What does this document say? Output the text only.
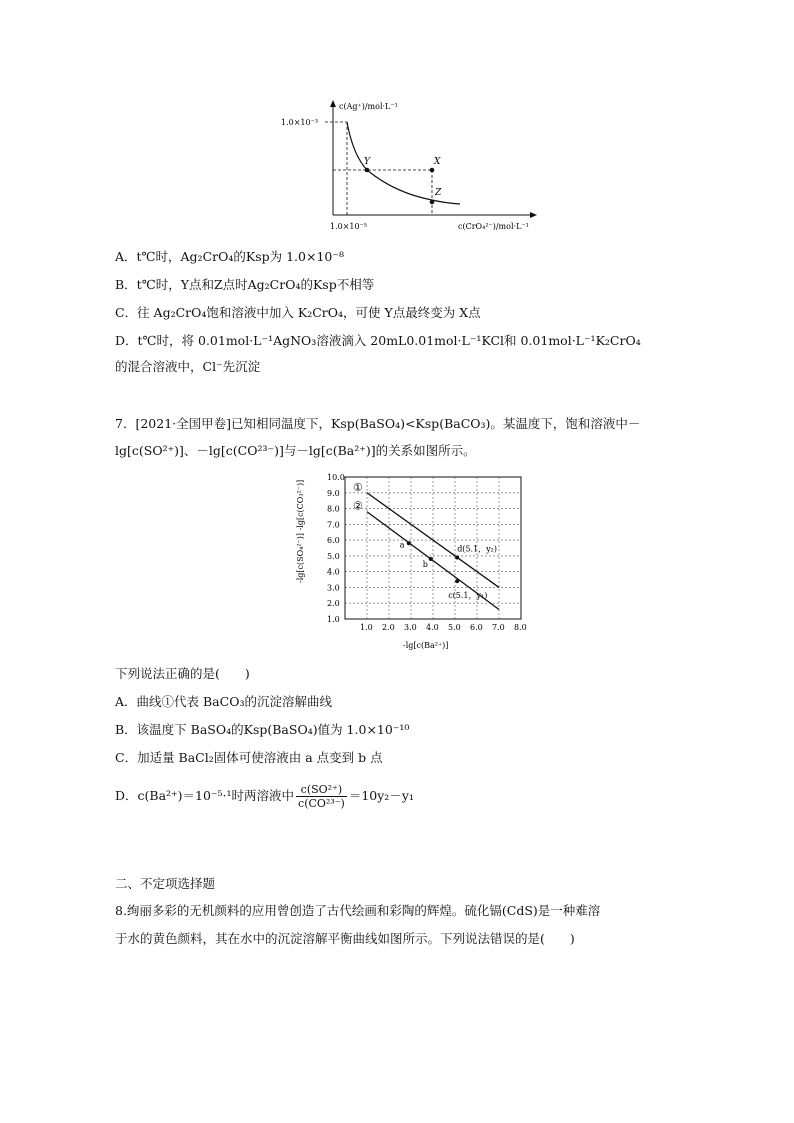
c(Ag⁺)/mol·L⁻¹
c(CrO₄²⁻)/mol·L⁻¹
1.0×10⁻³
1.0×10⁻⁵
Y	X
Z
A．t℃时，Ag₂CrO₄的Ksp为 1.0×10⁻⁸
B．t℃时，Y点和Z点时Ag₂CrO₄的Ksp不相等
C．往 Ag₂CrO₄饱和溶液中加入 K₂CrO₄，可使 Y点最终变为 X点
D．t℃时，将 0.01mol·L⁻¹AgNO₃溶液滴入 20mL0.01mol·L⁻¹KCl和 0.01mol·L⁻¹K₂CrO₄
的混合溶液中，Cl⁻先沉淀
7．[2021·全国甲卷]已知相同温度下，Ksp(BaSO₄)<Ksp(BaCO₃)。某温度下，饱和溶液中－
lg[c(SO²⁺)]、－lg[c(CO²³⁻)]与－lg[c(Ba²⁺)]的关系如图所示。
1.0 2.0 3.0 4.0 5.0 6.0 7.0 8.0
1.0
2.0
3.0
4.0
5.0
6.0
7.0
8.0
9.0
10.0
①
②
a
b
d(5.1，y₂)
c(5.1，y₁)
-lg[c(SO₄²⁻)] -lg[c(CO₃²⁻)]
-lg[c(Ba²⁺)]
下列说法正确的是(　　)
A．曲线①代表 BaCO₃的沉淀溶解曲线
B．该温度下 BaSO₄的Ksp(BaSO₄)值为 1.0×10⁻¹⁰
C．加适量 BaCl₂固体可使溶液由 a 点变到 b 点
D．c(Ba²⁺)＝10⁻⁵·¹时两溶液中 $\frac{\text{c(SO²⁺)}}{\text{c(CO²³⁻)}} =10y_2-y_1$
二、不定项选择题
8.绚丽多彩的无机颜料的应用曾创造了古代绘画和彩陶的辉煌。硫化镉(CdS)是一种难溶
于水的黄色颜料，其在水中的沉淀溶解平衡曲线如图所示。下列说法错误的是(　　)
